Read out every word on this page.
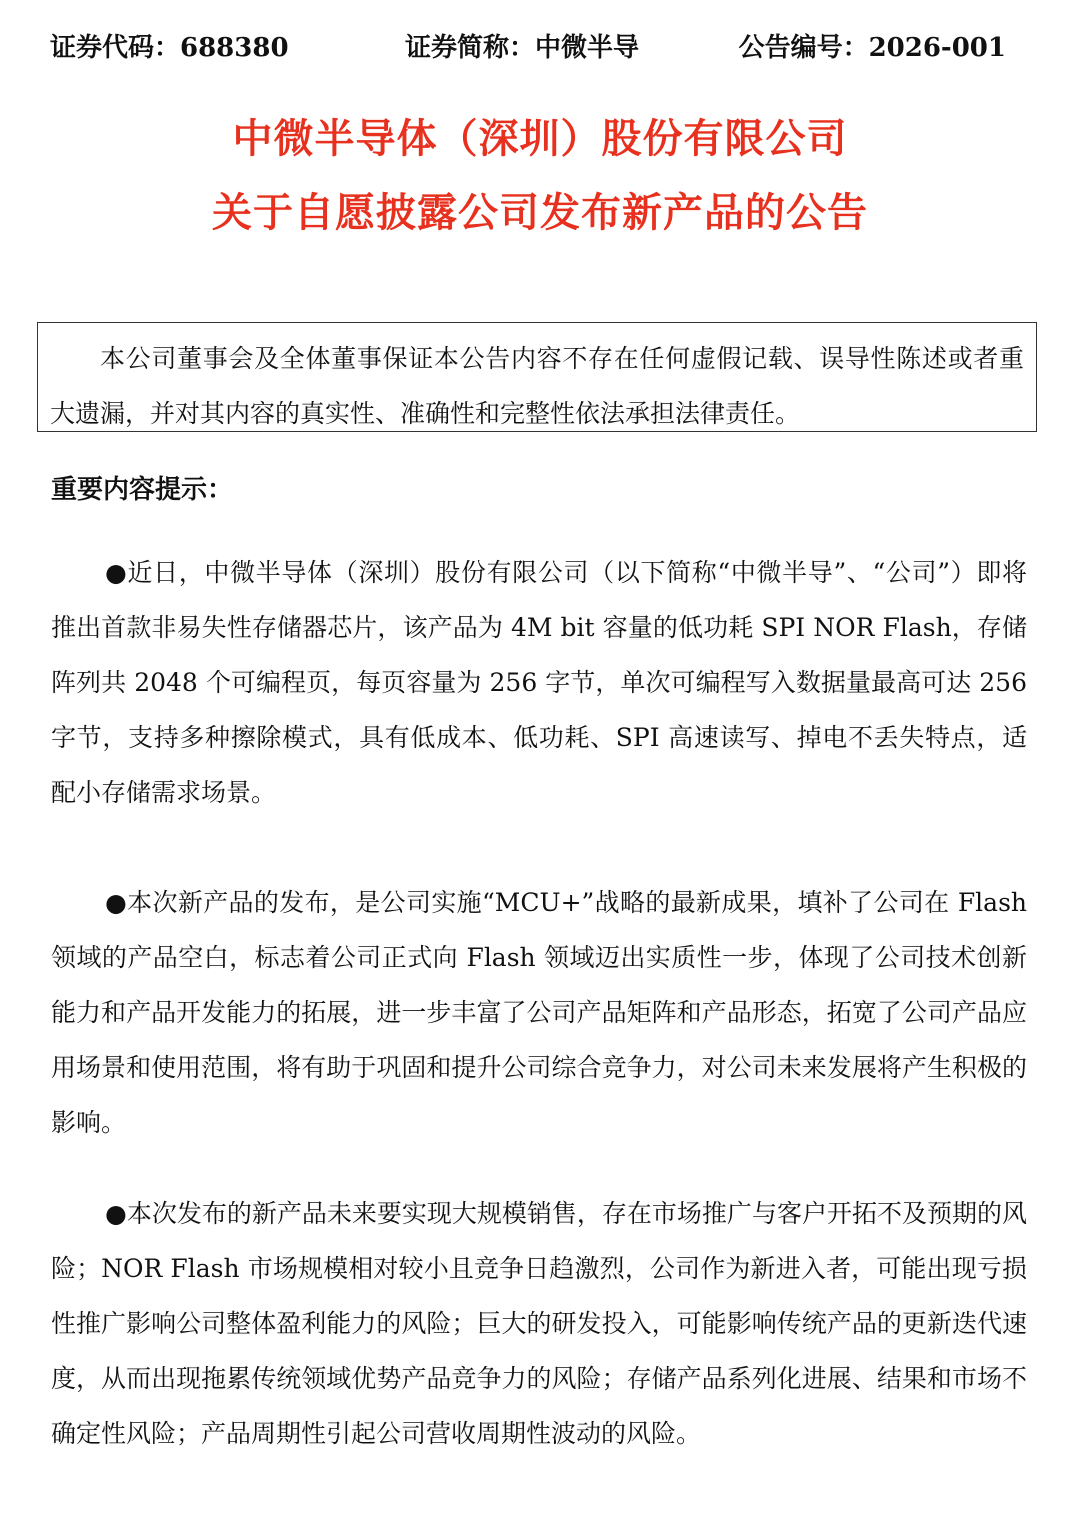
证券代码：688380	证券简称：中微半导	公告编号：2026-001
中微半导体（深圳）股份有限公司
关于自愿披露公司发布新产品的公告
本公司董事会及全体董事保证本公告内容不存在任何虚假记载、误导性陈述或者重大遗漏，并对其内容的真实性、准确性和完整性依法承担法律责任。
重要内容提示：

●近日，中微半导体（深圳）股份有限公司（以下简称“中微半导”、“公司”）即将推出首款非易失性存储器芯片，该产品为 4M bit 容量的低功耗 SPI NOR Flash，存储阵列共 2048 个可编程页，每页容量为 256 字节，单次可编程写入数据量最高可达 256 字节，支持多种擦除模式，具有低成本、低功耗、SPI 高速读写、掉电不丢失特点，适配小存储需求场景。

●本次新产品的发布，是公司实施“MCU+”战略的最新成果，填补了公司在 Flash 领域的产品空白，标志着公司正式向 Flash 领域迈出实质性一步，体现了公司技术创新能力和产品开发能力的拓展，进一步丰富了公司产品矩阵和产品形态，拓宽了公司产品应用场景和使用范围，将有助于巩固和提升公司综合竞争力，对公司未来发展将产生积极的影响。

●本次发布的新产品未来要实现大规模销售，存在市场推广与客户开拓不及预期的风险；NOR Flash 市场规模相对较小且竞争日趋激烈，公司作为新进入者，可能出现亏损性推广影响公司整体盈利能力的风险；巨大的研发投入，可能影响传统产品的更新迭代速度，从而出现拖累传统领域优势产品竞争力的风险；存储产品系列化进展、结果和市场不确定性风险；产品周期性引起公司营收周期性波动的风险。
